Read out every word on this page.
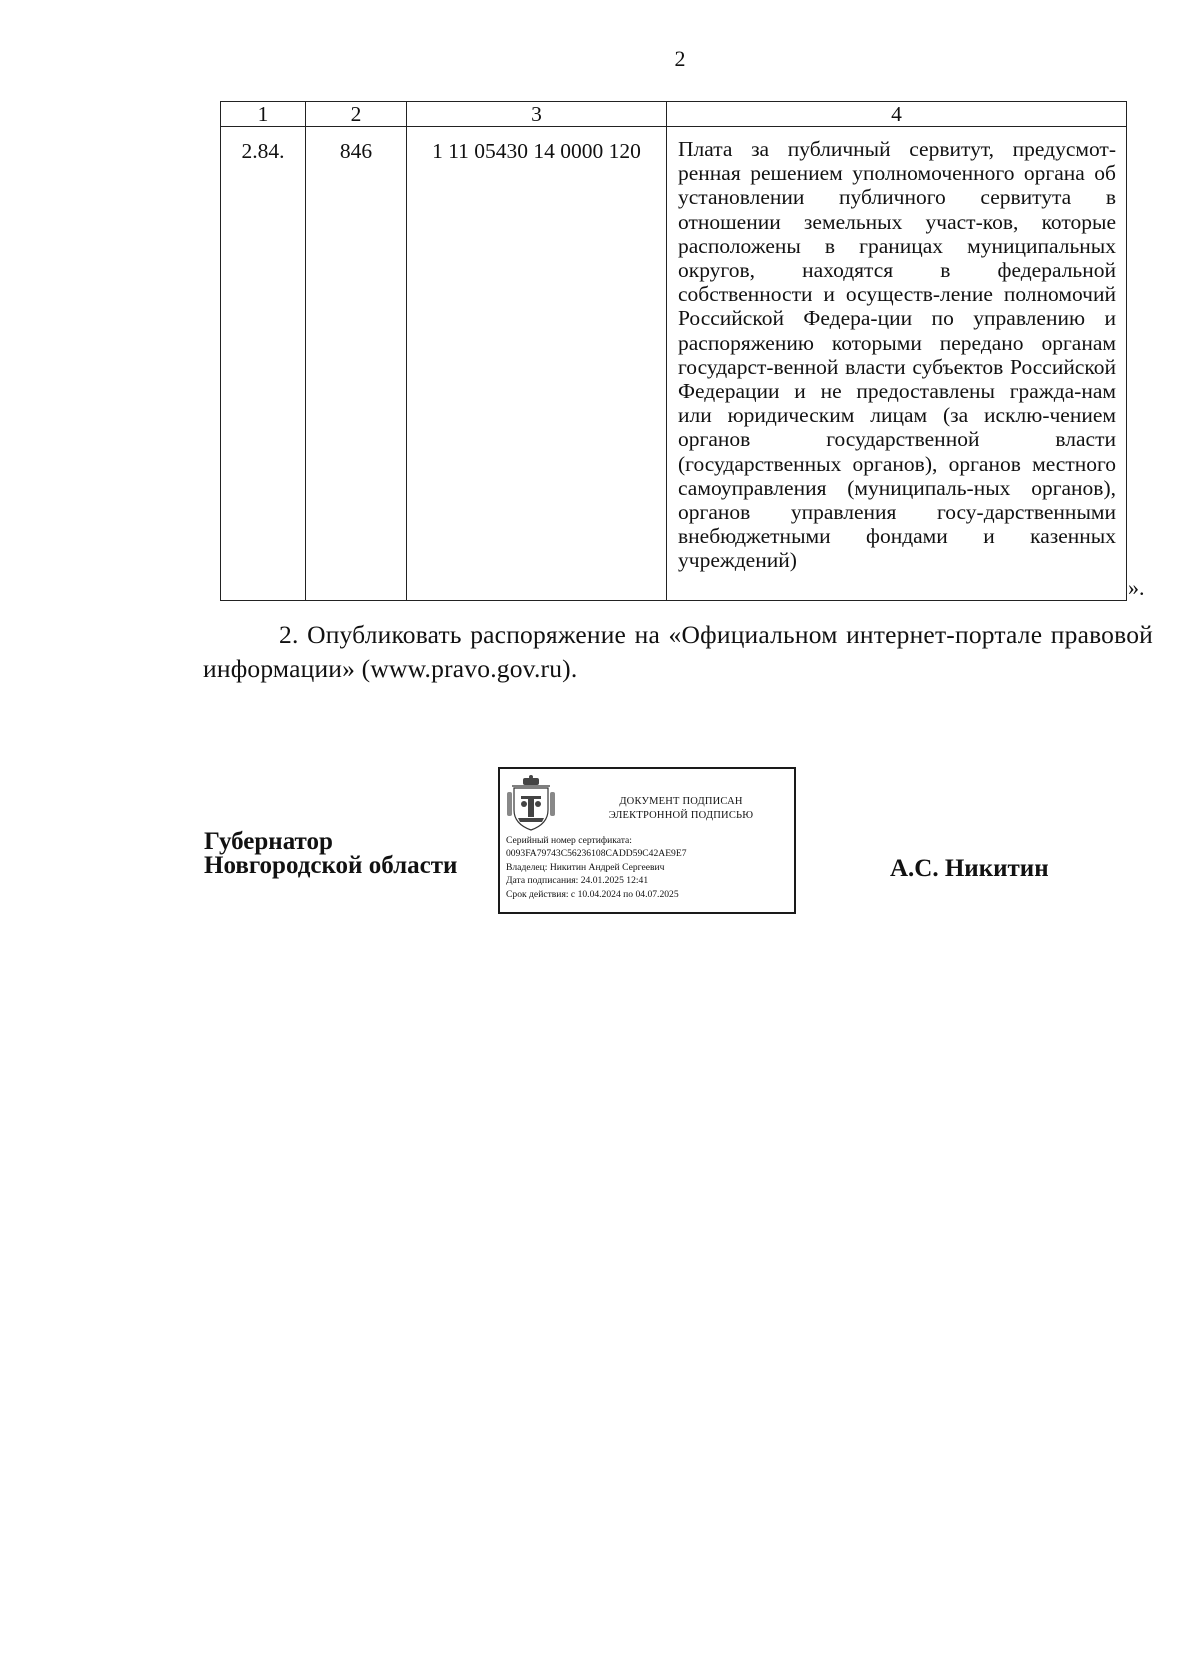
2
1	2	3	4
2.84.	846	1 11 05430 14 0000 120	Плата за публичный сервитут, предусмот-ренная решением уполномоченного органа об установлении публичного сервитута в отношении земельных участ-ков, которые расположены в границах муниципальных округов, находятся в федеральной собственности и осуществ-ление полномочий Российской Федера-ции по управлению и распоряжению которыми передано органам государст-венной власти субъектов Российской Федерации и не предоставлены гражда-нам или юридическим лицам (за исклю-чением органов государственной власти (государственных органов), органов местного самоуправления (муниципаль-ных органов), органов управления госу-дарственными внебюджетными фондами и казенных учреждений)
».
2. Опубликовать распоряжение на «Официальном интернет-портале правовой информации» (www.pravo.gov.ru).
Губернатор
Новгородской области
ДОКУМЕНТ ПОДПИСАН
ЭЛЕКТРОННОЙ ПОДПИСЬЮ
Серийный номер сертификата:
0093FA79743C56236108CADD59C42AE9E7
Владелец: Никитин Андрей Сергеевич
Дата подписания: 24.01.2025 12:41
Срок действия: с 10.04.2024 по 04.07.2025
А.С. Никитин
